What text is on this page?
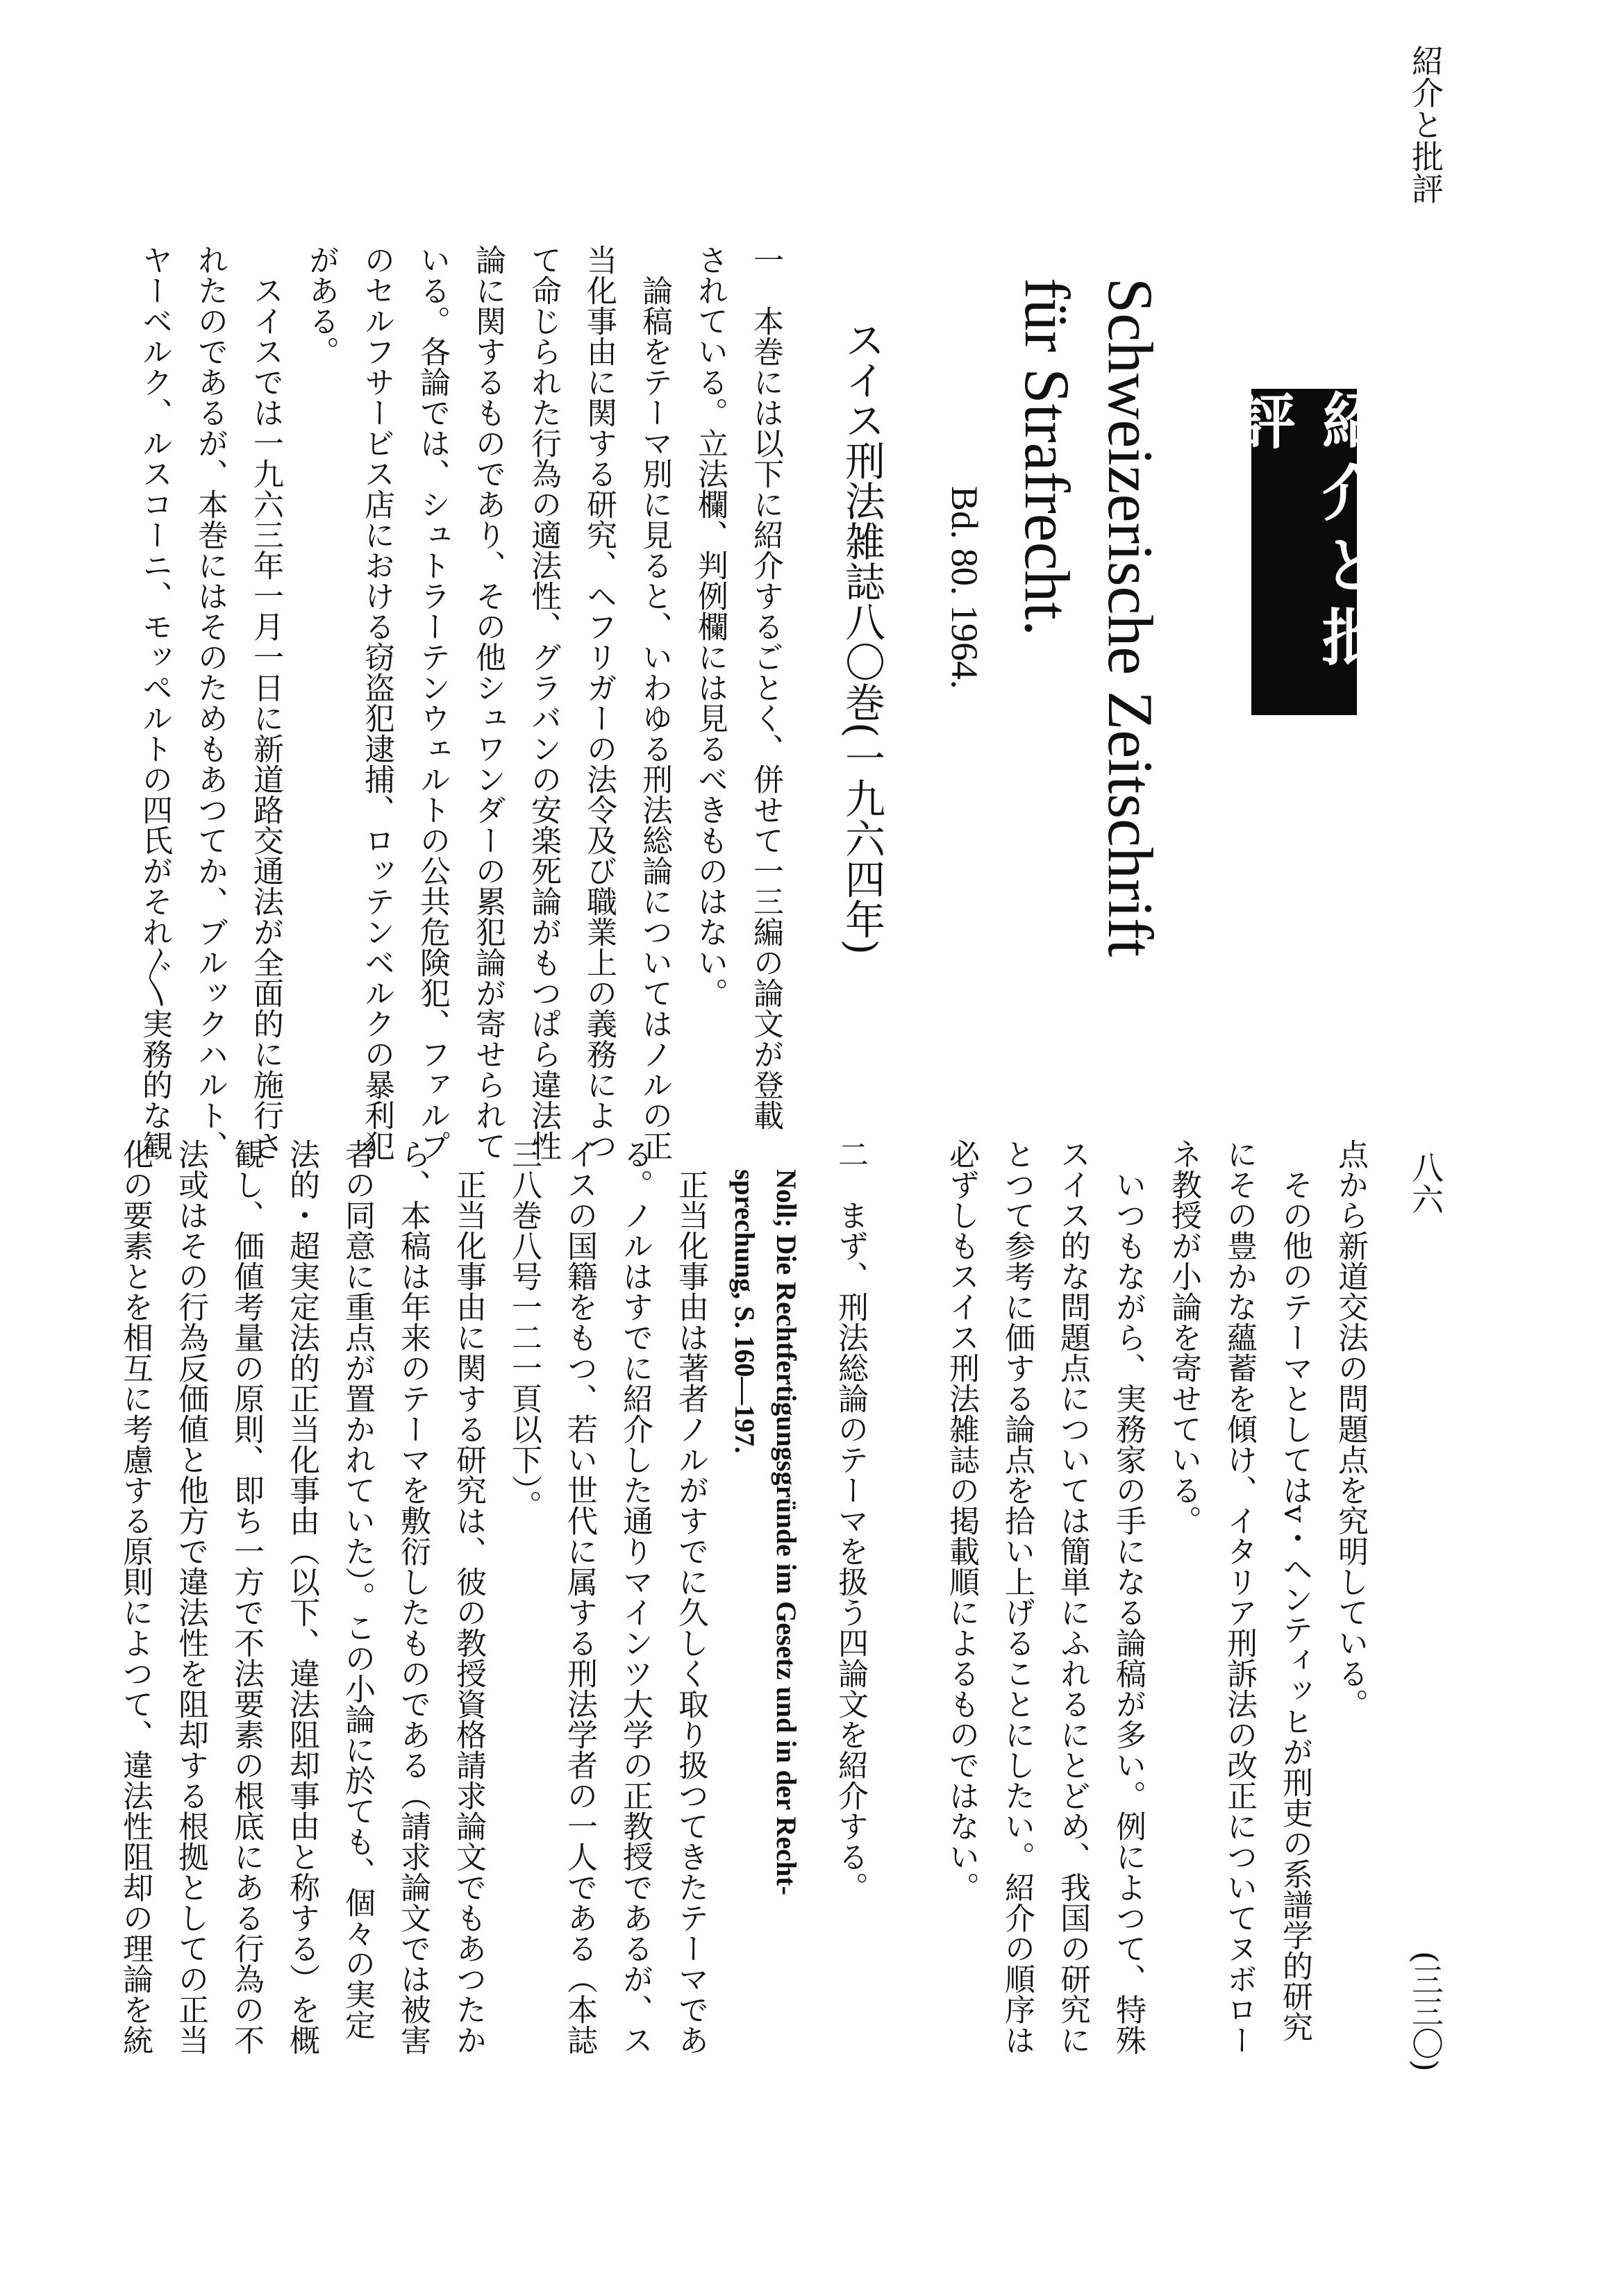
紹介と批評
八六
(三三〇)
紹介と批評
Schweizerische Zeitschrift
für Strafrecht.
Bd. 80. 1964.
スイス刑法雑誌八〇巻(一九六四年)
一　本巻には以下に紹介するごとく、併せて一三編の論文が登載
されている。立法欄、判例欄には見るべきものはない。
論稿をテーマ別に見ると、いわゆる刑法総論についてはノルの正
当化事由に関する研究、ヘフリガーの法令及び職業上の義務によつ
て命じられた行為の適法性、グラバンの安楽死論がもつぱら違法性
論に関するものであり、その他シュワンダーの累犯論が寄せられて
いる。各論では、シュトラーテンウェルトの公共危険犯、ファルプ
のセルフサービス店における窃盗犯逮捕、ロッテンベルクの暴利犯
がある。
スイスでは一九六三年一月一日に新道路交通法が全面的に施行さ
れたのであるが、本巻にはそのためもあつてか、ブルックハルト、
ヤーベルク、ルスコーニ、モッペルトの四氏がそれ〲実務的な観
点から新道交法の問題点を究明している。
その他のテーマとしてはv・ヘンティッヒが刑吏の系譜学的研究
にその豊かな蘊蓄を傾け、イタリア刑訴法の改正についてヌボロー
ネ教授が小論を寄せている。
いつもながら、実務家の手になる論稿が多い。例によつて、特殊
スイス的な問題点については簡単にふれるにとどめ、我国の研究に
とつて参考に価する論点を拾い上げることにしたい。紹介の順序は
必ずしもスイス刑法雑誌の掲載順によるものではない。
二　まず、刑法総論のテーマを扱う四論文を紹介する。
Noll; Die Rechtfertigungsgründe im Gesetz und in der Recht-
sprechung, S. 160—197.
正当化事由は著者ノルがすでに久しく取り扱つてきたテーマであ
る。ノルはすでに紹介した通りマインツ大学の正教授であるが、ス
イスの国籍をもつ、若い世代に属する刑法学者の一人である（本誌
三八巻八号一二一頁以下）。
正当化事由に関する研究は、彼の教授資格請求論文でもあつたか
ら、本稿は年来のテーマを敷衍したものである（請求論文では被害
者の同意に重点が置かれていた）。この小論に於ても、個々の実定
法的・超実定法的正当化事由（以下、違法阻却事由と称する）を概
観し、価値考量の原則、即ち一方で不法要素の根底にある行為の不
法或はその行為反価値と他方で違法性を阻却する根拠としての正当
化の要素とを相互に考慮する原則によつて、違法性阻却の理論を統
